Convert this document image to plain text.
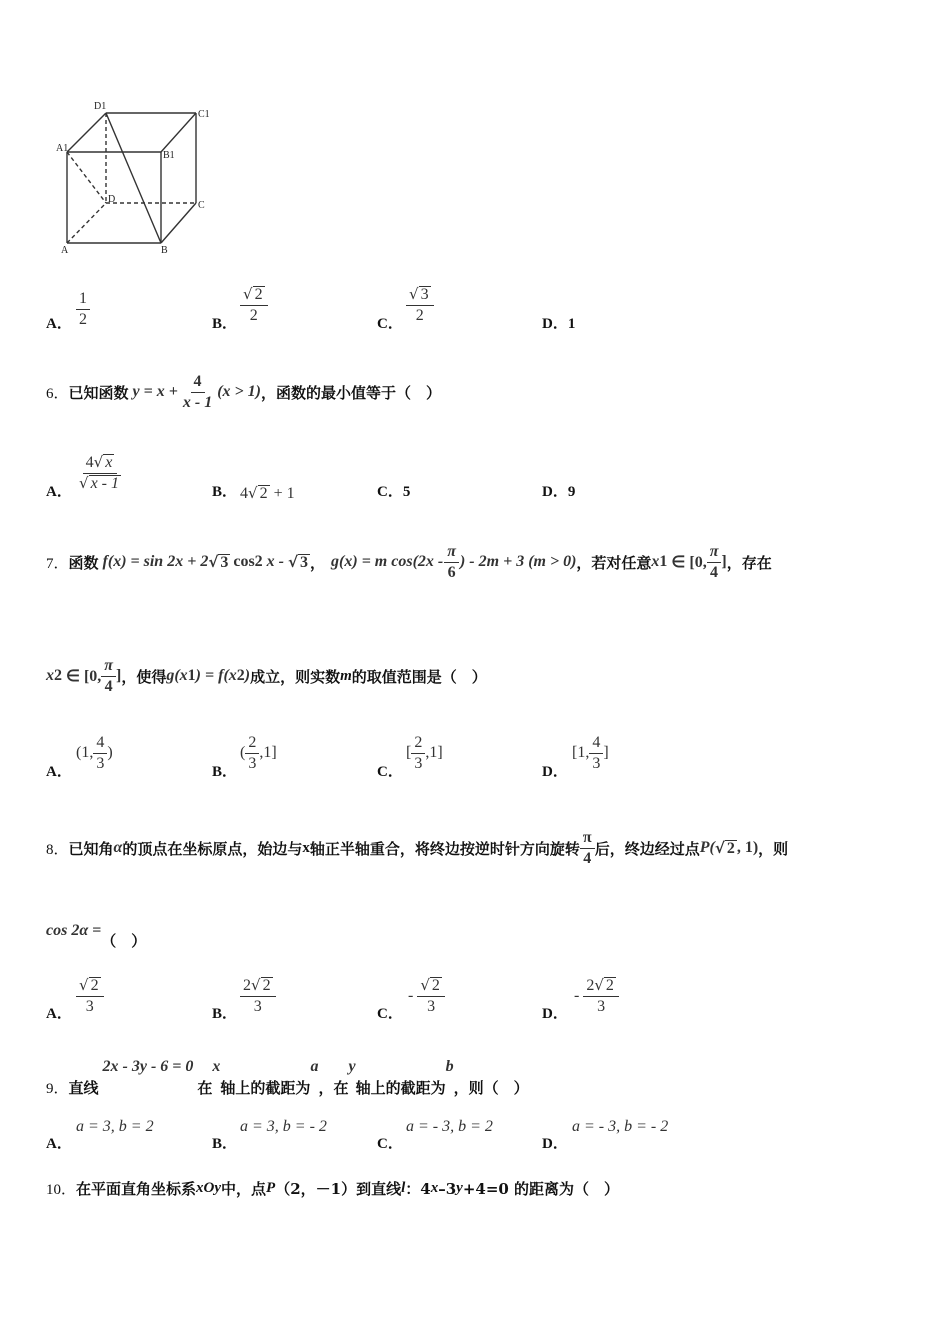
D1
C1
A1
B1
D
C
A	B
A． $\frac{1}{2}$	B． $\frac{√ 2}{2}$	C． $\frac{√ 3}{2}$	D．1
6． 已知函数 $y = x + \frac{4}{x - 1} (x > 1)$ ，函数的最小值等于（　）
A． $\frac{4√ x}{√ x - 1}$	B． 4√ 2 + 1	C．5	D．9
7． 函数 f(x) = sin 2x + 2 √ 3 cos 2 x - √ 3 ， g(x) = m $\cos(2x - \frac{\pi}{6}$ ) - 2m + 3 (m > 0) ，若对任意 x 1 ∈ [0, $\frac{\pi}{4}$ ] ，存在
x 2 ∈ [0, $\frac{\pi}{4}$ ] ，使得 g(x 1 ) = f(x 2 ) 成立，则实数 m 的取值范围是（　）
A．
(1, $\frac{4}{3}$ )
B．
( $\frac{2}{3} ,1$]
C．
[ $\frac{2}{3} ,1$]
D．
[1, $\frac{4}{3}$ ]
8． 已知角 α 的顶点在坐标原点，始边与 x 轴正半轴重合，将终边按逆时针方向旋转 $\frac{\pi}{4}$ 后，终边经过点 P( √ 2 , 1) ，则
cos 2α =
（　）
A． $\frac{√ 2}{3}$	B． $\frac{2√ 2}{3}$	C．
- $\frac{√ 2}{3}$	D．
- $\frac{2√ 2}{3}$
9． 直线
2x - 3y - 6 = 0
在
x
轴上的截距为
a
，在
y
轴上的截距为
b
，则（　）
A．
a = 3, b = 2
B．
a = 3, b = - 2
C．
a = - 3, b = 2
D．
a = - 3, b = - 2
10． 在平面直角坐标系 xOy 中，点 P （2，－1）到直线 l ：4 x –3 y +4=0 的距离为（　）
